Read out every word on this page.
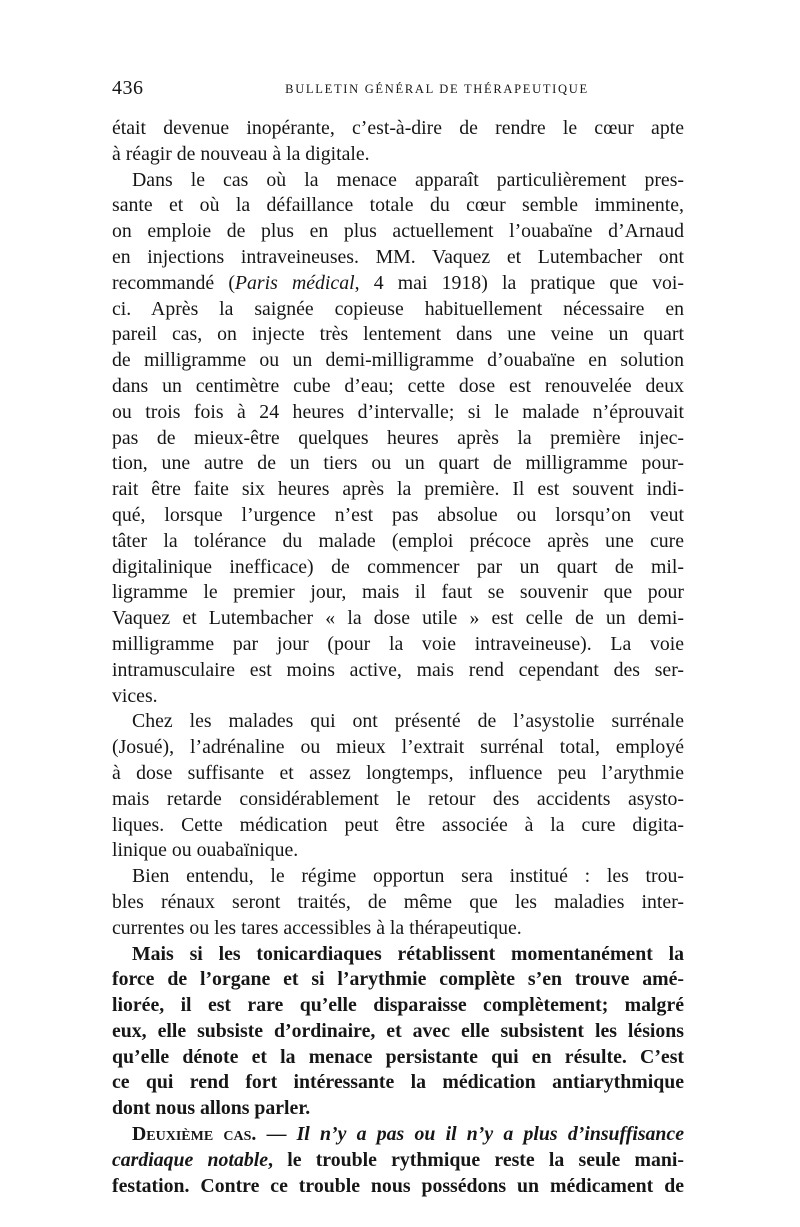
436	BULLETIN GÉNÉRAL DE THÉRAPEUTIQUE
était devenue inopérante, c’est-à-dire de rendre le cœur apte
à réagir de nouveau à la digitale.
Dans le cas où la menace apparaît particulièrement pres-
sante et où la défaillance totale du cœur semble imminente,
on emploie de plus en plus actuellement l’ouabaïne d’Arnaud
en injections intraveineuses. MM. Vaquez et Lutembacher ont
recommandé (Paris médical, 4 mai 1918) la pratique que voi-
ci. Après la saignée copieuse habituellement nécessaire en
pareil cas, on injecte très lentement dans une veine un quart
de milligramme ou un demi-milligramme d’ouabaïne en solution
dans un centimètre cube d’eau; cette dose est renouvelée deux
ou trois fois à 24 heures d’intervalle; si le malade n’éprouvait
pas de mieux-être quelques heures après la première injec-
tion, une autre de un tiers ou un quart de milligramme pour-
rait être faite six heures après la première. Il est souvent indi-
qué, lorsque l’urgence n’est pas absolue ou lorsqu’on veut
tâter la tolérance du malade (emploi précoce après une cure
digitalinique inefficace) de commencer par un quart de mil-
ligramme le premier jour, mais il faut se souvenir que pour
Vaquez et Lutembacher « la dose utile » est celle de un demi-
milligramme par jour (pour la voie intraveineuse). La voie
intramusculaire est moins active, mais rend cependant des ser-
vices.
Chez les malades qui ont présenté de l’asystolie surrénale
(Josué), l’adrénaline ou mieux l’extrait surrénal total, employé
à dose suffisante et assez longtemps, influence peu l’arythmie
mais retarde considérablement le retour des accidents asysto-
liques. Cette médication peut être associée à la cure digita-
linique ou ouabaïnique.
Bien entendu, le régime opportun sera institué : les trou-
bles rénaux seront traités, de même que les maladies inter-
currentes ou les tares accessibles à la thérapeutique.
Mais si les tonicardiaques rétablissent momentanément la
force de l’organe et si l’arythmie complète s’en trouve amé-
liorée, il est rare qu’elle disparaisse complètement; malgré
eux, elle subsiste d’ordinaire, et avec elle subsistent les lésions
qu’elle dénote et la menace persistante qui en résulte. C’est
ce qui rend fort intéressante la médication antiarythmique
dont nous allons parler.
Deuxième cas. — Il n’y a pas ou il n’y a plus d’insuffisance
cardiaque notable, le trouble rythmique reste la seule mani-
festation. Contre ce trouble nous possédons un médicament de
